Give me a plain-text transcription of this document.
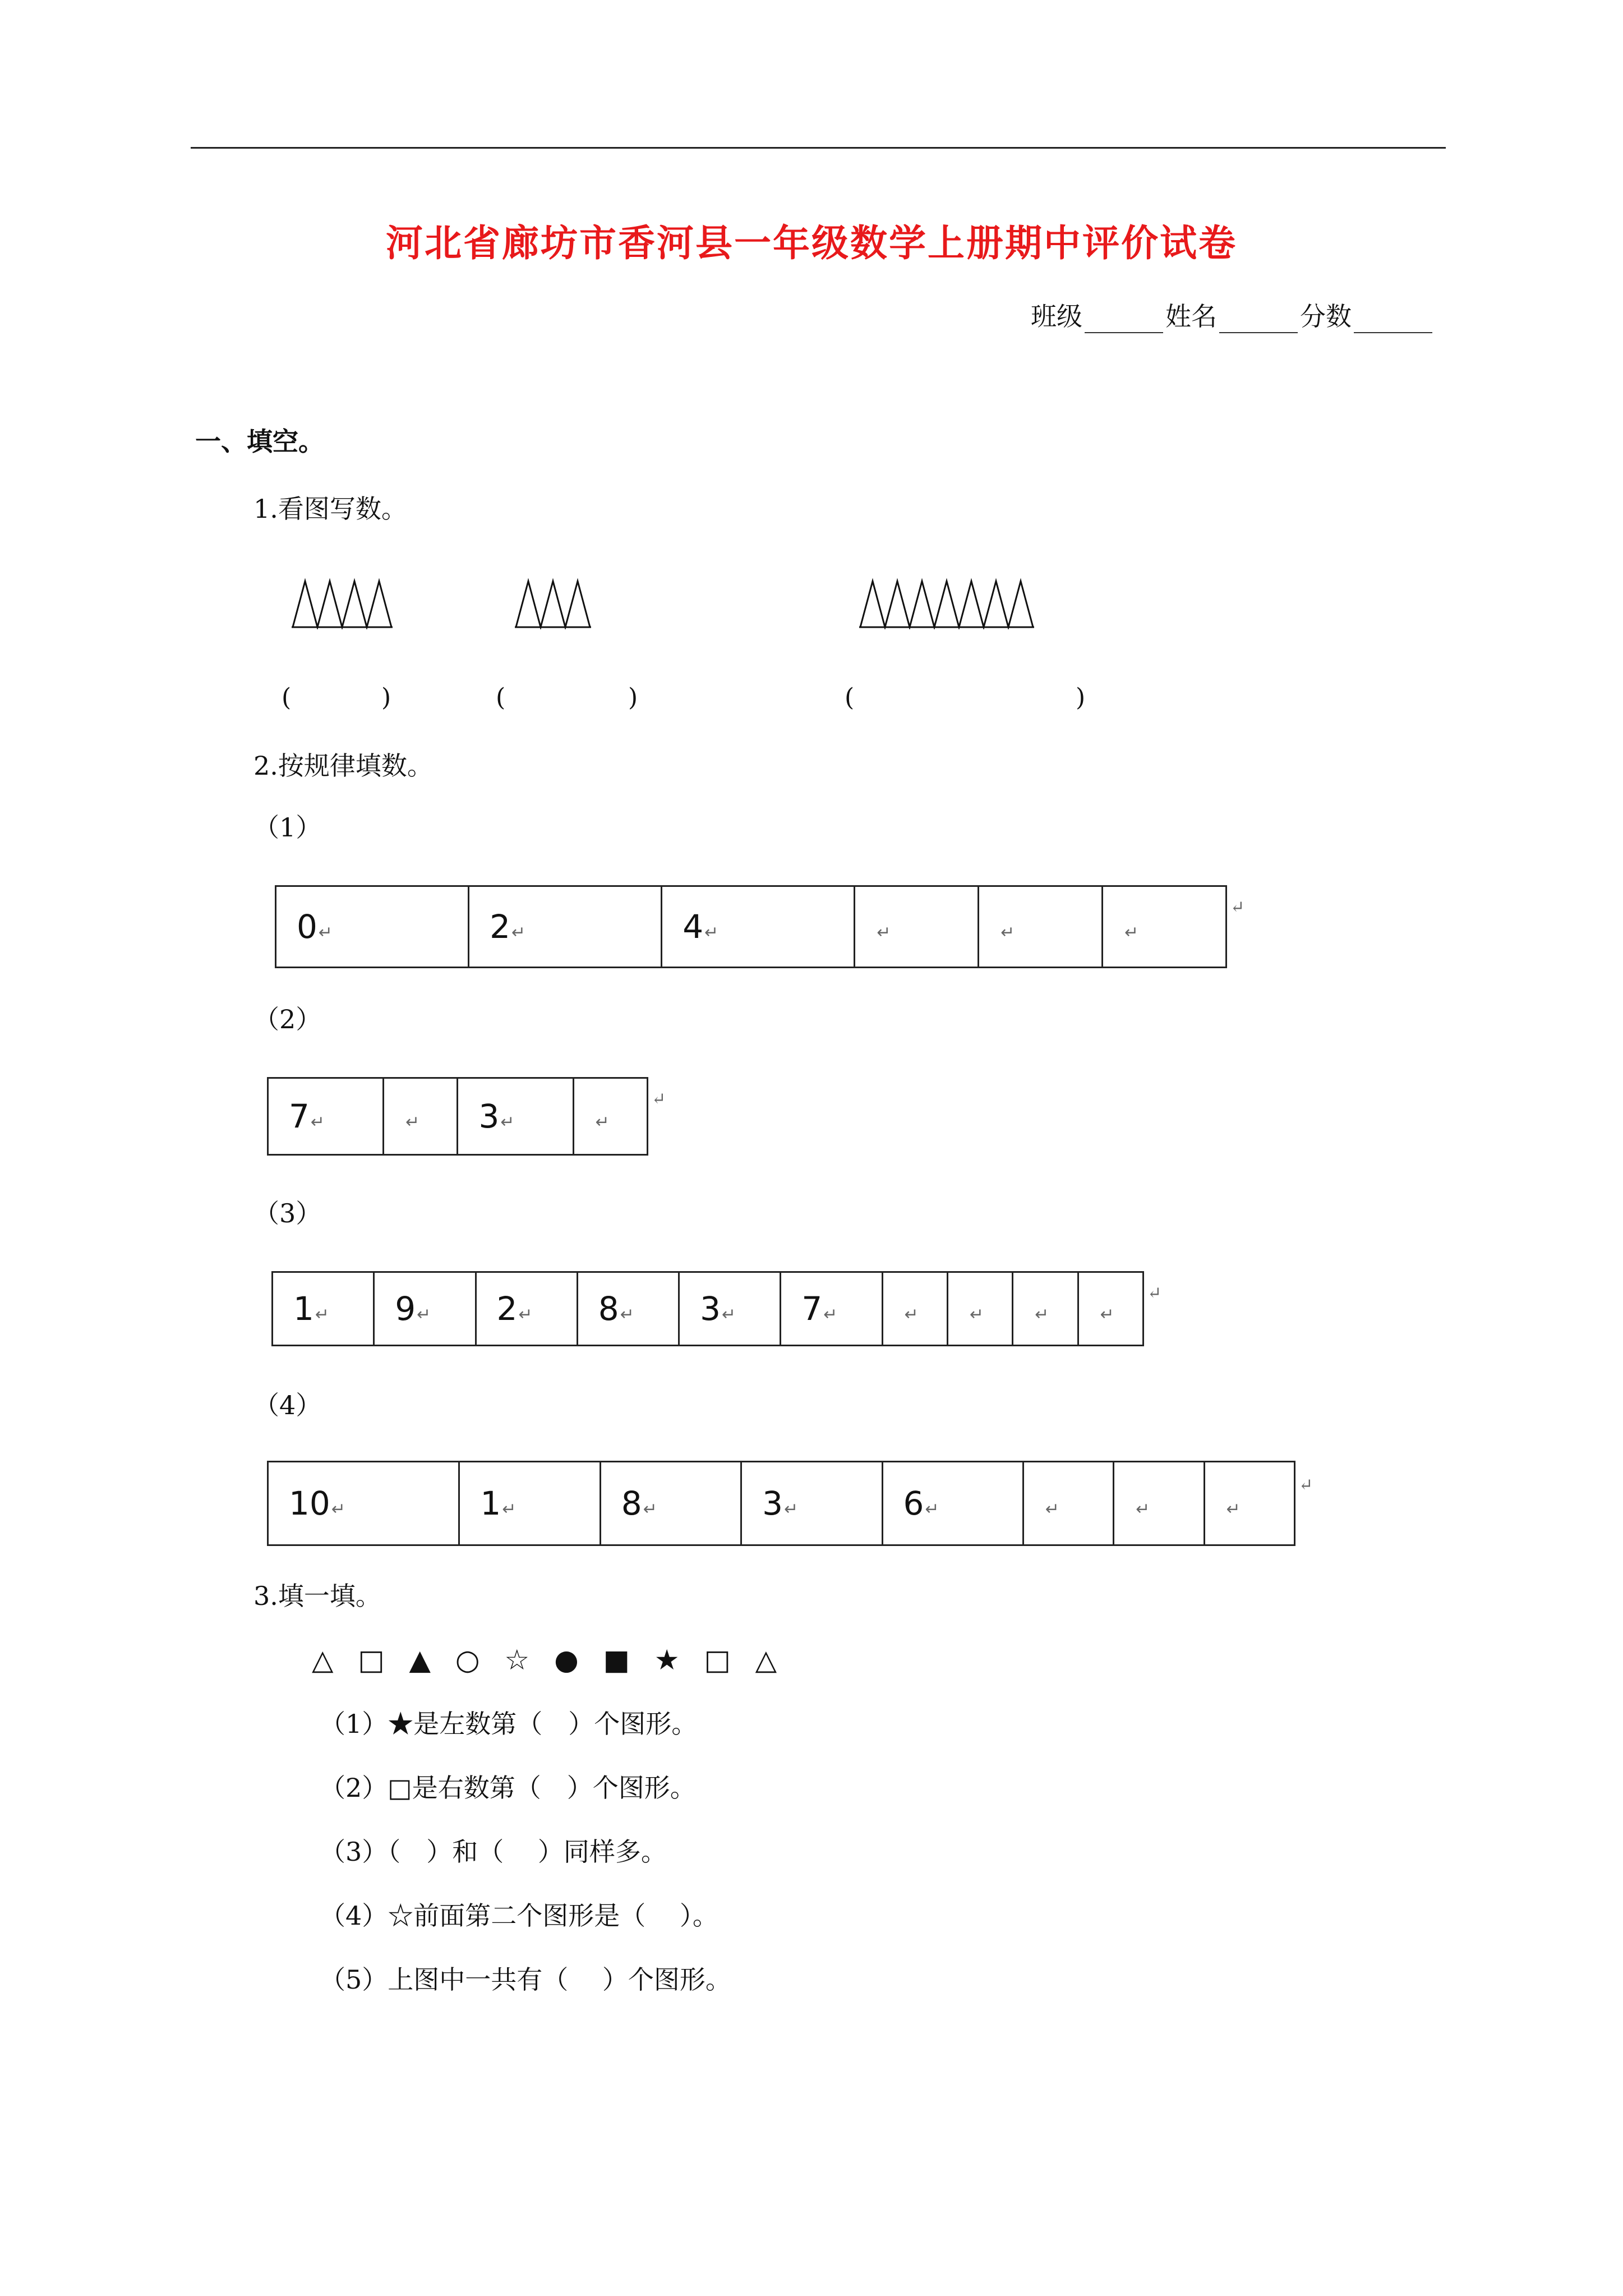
河北省廊坊市香河县一年级数学上册期中评价试卷
班级	姓名	分数
一、填空。
1.看图写数。
(	)	(	)	(	)
2.按规律填数。
（1）
0↵	2↵	4↵	↵	↵	↵
↵
（2）
7↵	↵	3↵	↵
↵
（3）
1↵	9↵	2↵	8↵	3↵	7↵	↵	↵	↵	↵
↵
（4）
10↵	1↵	8↵	3↵	6↵	↵	↵	↵
↵
3.填一填。
△ □ ▲ ○ ☆ ● ■ ★ □ △
（1）★是左数第（　）个图形。
（2）□是右数第（　）个图形。
（3）（　）和（　 ）同样多。
（4）☆前面第二个图形是（　 ）。
（5）上图中一共有（　 ）个图形。
